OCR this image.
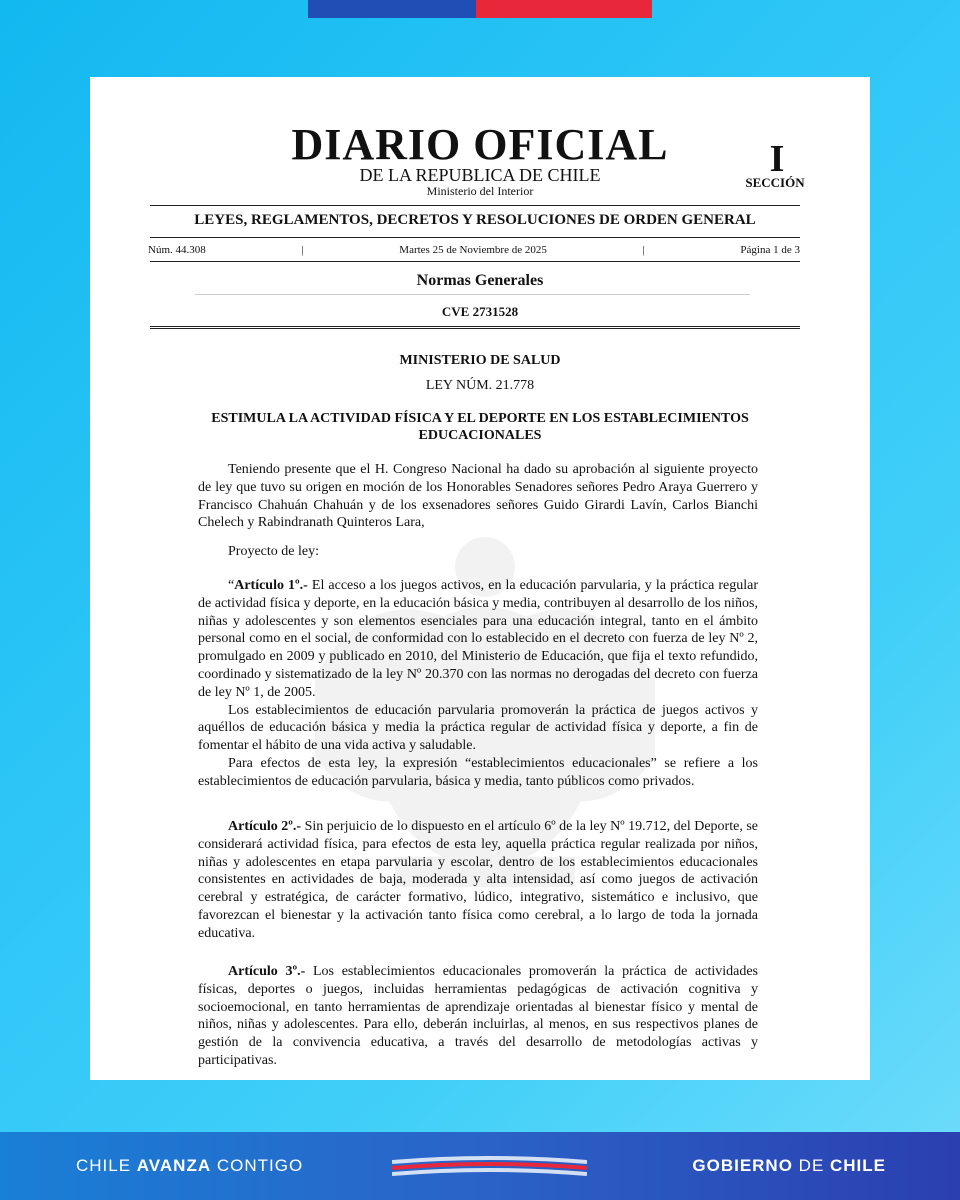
DIARIO OFICIAL
DE LA REPUBLICA DE CHILE
Ministerio del Interior
I
SECCIÓN
LEYES, REGLAMENTOS, DECRETOS Y RESOLUCIONES DE ORDEN GENERAL
Núm. 44.308	|	Martes 25 de Noviembre de 2025	|	Página 1 de 3
Normas Generales
CVE 2731528
MINISTERIO DE SALUD
LEY NÚM. 21.778
ESTIMULA LA ACTIVIDAD FÍSICA Y EL DEPORTE EN LOS ESTABLECIMIENTOS EDUCACIONALES

Teniendo presente que el H. Congreso Nacional ha dado su aprobación al siguiente proyecto de ley que tuvo su origen en moción de los Honorables Senadores señores Pedro Araya Guerrero y Francisco Chahuán Chahuán y de los exsenadores señores Guido Girardi Lavín, Carlos Bianchi Chelech y Rabindranath Quinteros Lara,

Proyecto de ley:

“Artículo 1º.- El acceso a los juegos activos, en la educación parvularia, y la práctica regular de actividad física y deporte, en la educación básica y media, contribuyen al desarrollo de los niños, niñas y adolescentes y son elementos esenciales para una educación integral, tanto en el ámbito personal como en el social, de conformidad con lo establecido en el decreto con fuerza de ley Nº 2, promulgado en 2009 y publicado en 2010, del Ministerio de Educación, que fija el texto refundido, coordinado y sistematizado de la ley Nº 20.370 con las normas no derogadas del decreto con fuerza de ley Nº 1, de 2005.

Los establecimientos de educación parvularia promoverán la práctica de juegos activos y aquéllos de educación básica y media la práctica regular de actividad física y deporte, a fin de fomentar el hábito de una vida activa y saludable.

Para efectos de esta ley, la expresión “establecimientos educacionales” se refiere a los establecimientos de educación parvularia, básica y media, tanto públicos como privados.

Artículo 2º.- Sin perjuicio de lo dispuesto en el artículo 6º de la ley Nº 19.712, del Deporte, se considerará actividad física, para efectos de esta ley, aquella práctica regular realizada por niños, niñas y adolescentes en etapa parvularia y escolar, dentro de los establecimientos educacionales consistentes en actividades de baja, moderada y alta intensidad, así como juegos de activación cerebral y estratégica, de carácter formativo, lúdico, integrativo, sistemático e inclusivo, que favorezcan el bienestar y la activación tanto física como cerebral, a lo largo de toda la jornada educativa.

Artículo 3º.- Los establecimientos educacionales promoverán la práctica de actividades físicas, deportes o juegos, incluidas herramientas pedagógicas de activación cognitiva y socioemocional, en tanto herramientas de aprendizaje orientadas al bienestar físico y mental de niños, niñas y adolescentes. Para ello, deberán incluirlas, al menos, en sus respectivos planes de gestión de la convivencia educativa, a través del desarrollo de metodologías activas y participativas.

CHILE AVANZA CONTIGO	GOBIERNO DE CHILE
